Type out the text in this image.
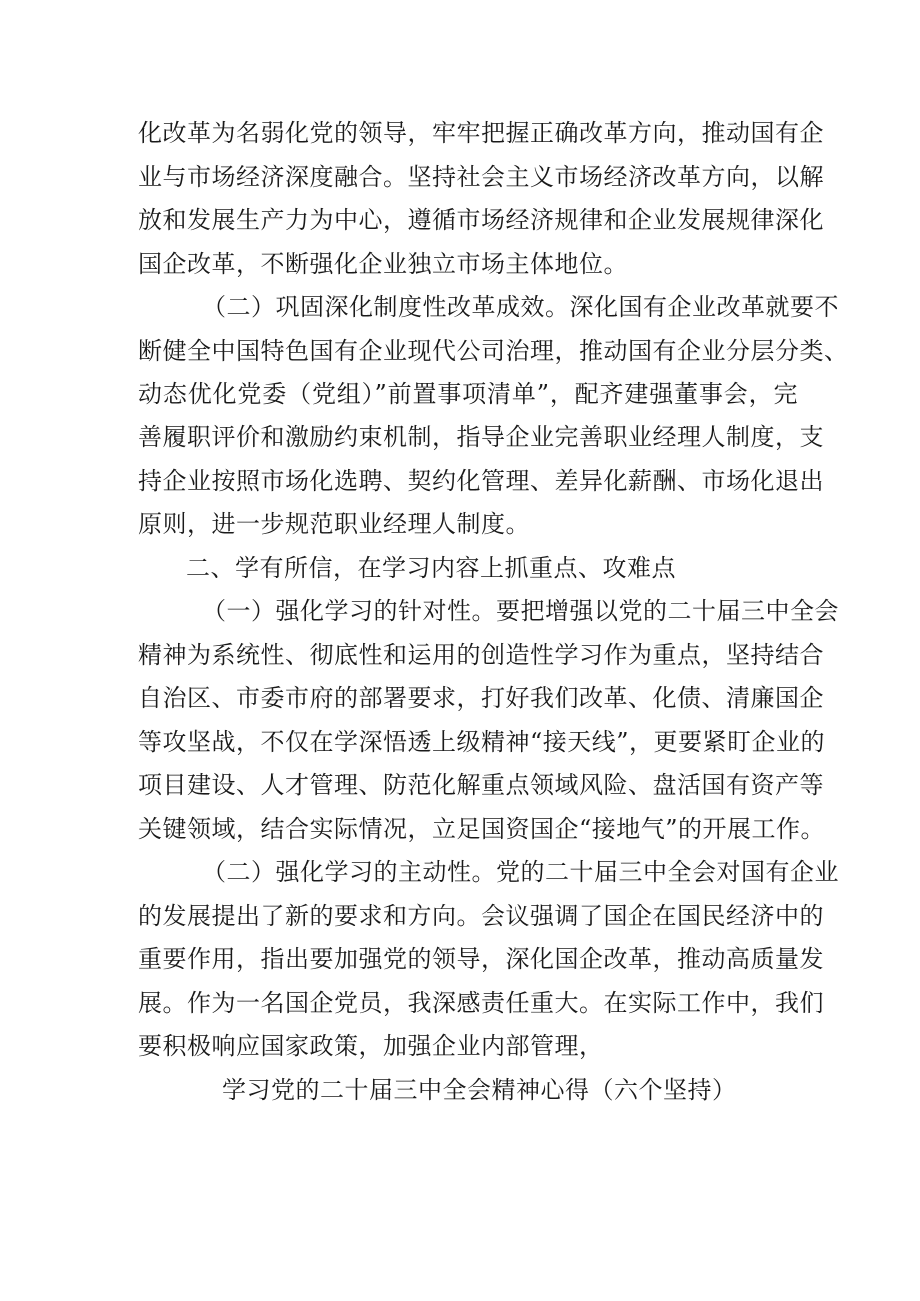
化改革为名弱化党的领导，牢牢把握正确改革方向，推动国有企
业与市场经济深度融合。坚持社会主义市场经济改革方向，以解
放和发展生产力为中心，遵循市场经济规律和企业发展规律深化
国企改革，不断强化企业独立市场主体地位。
（二）巩固深化制度性改革成效。深化国有企业改革就要不
断健全中国特色国有企业现代公司治理，推动国有企业分层分类、
动态优化党委（党组）”前置事项清单”，配齐建强董事会，完
善履职评价和激励约束机制，指导企业完善职业经理人制度，支
持企业按照市场化选聘、契约化管理、差异化薪酬、市场化退出
原则，进一步规范职业经理人制度。
二、学有所信，在学习内容上抓重点、攻难点
（一）强化学习的针对性。要把增强以党的二十届三中全会
精神为系统性、彻底性和运用的创造性学习作为重点，坚持结合
自治区、市委市府的部署要求，打好我们改革、化债、清廉国企
等攻坚战，不仅在学深悟透上级精神“接天线”，更要紧盯企业的
项目建设、人才管理、防范化解重点领域风险、盘活国有资产等
关键领域，结合实际情况，立足国资国企“接地气”的开展工作。
（二）强化学习的主动性。党的二十届三中全会对国有企业
的发展提出了新的要求和方向。会议强调了国企在国民经济中的
重要作用，指出要加强党的领导，深化国企改革，推动高质量发
展。作为一名国企党员，我深感责任重大。在实际工作中，我们
要积极响应国家政策，加强企业内部管理，
学习党的二十届三中全会精神心得（六个坚持）
